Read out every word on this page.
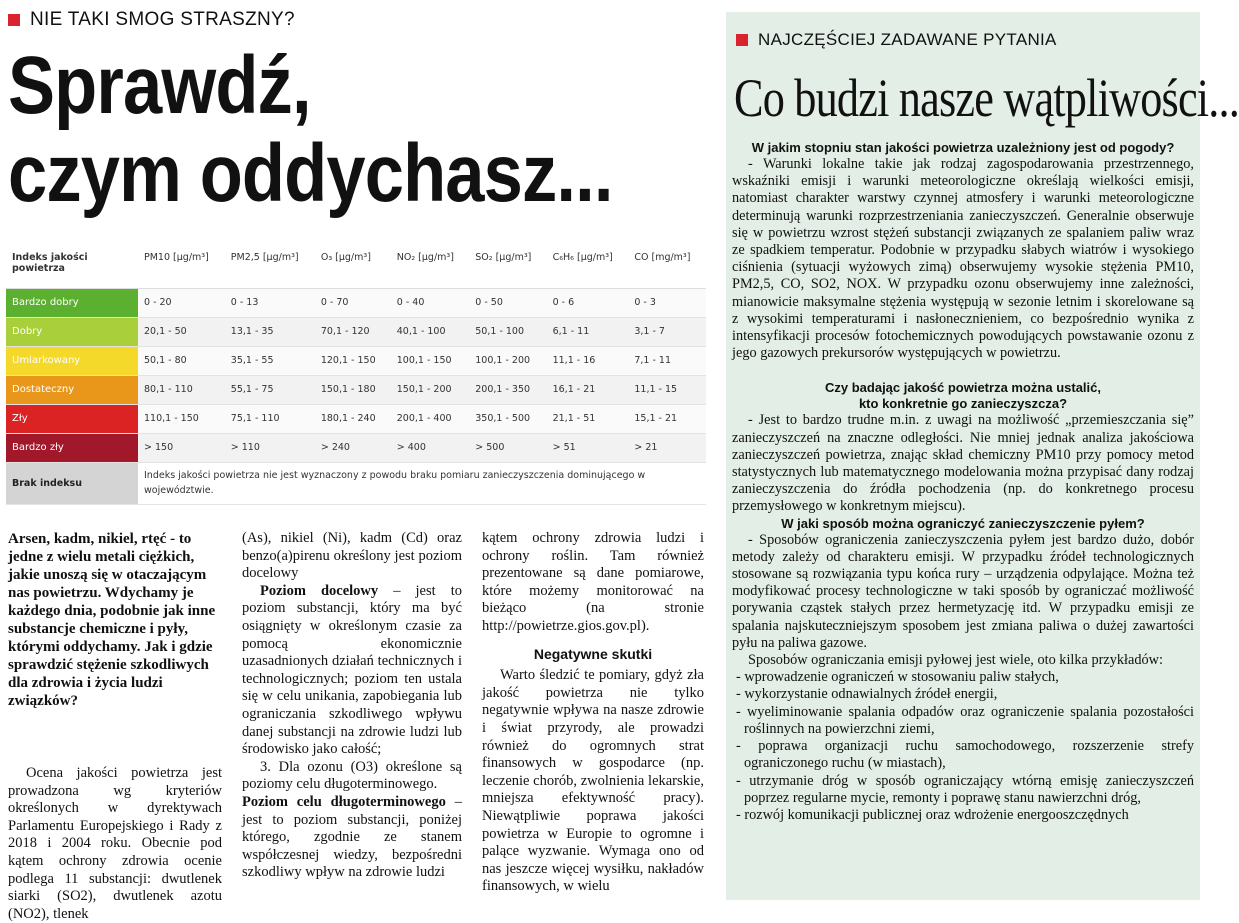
NIE TAKI SMOG STRASZNY?
Sprawdź,
czym oddychasz...
Indeks jakości powietrza	PM10 [µg/m³]	PM2,5 [µg/m³]	O₃ [µg/m³]	NO₂ [µg/m³]	SO₂ [µg/m³]	C₆H₆ [µg/m³]	CO [mg/m³]
Bardzo dobry	0 - 20	0 - 13	0 - 70	0 - 40	0 - 50	0 - 6	0 - 3
Dobry	20,1 - 50	13,1 - 35	70,1 - 120	40,1 - 100	50,1 - 100	6,1 - 11	3,1 - 7
Umiarkowany	50,1 - 80	35,1 - 55	120,1 - 150	100,1 - 150	100,1 - 200	11,1 - 16	7,1 - 11
Dostateczny	80,1 - 110	55,1 - 75	150,1 - 180	150,1 - 200	200,1 - 350	16,1 - 21	11,1 - 15
Zły	110,1 - 150	75,1 - 110	180,1 - 240	200,1 - 400	350,1 - 500	21,1 - 51	15,1 - 21
Bardzo zły	> 150	> 110	> 240	> 400	> 500	> 51	> 21
Brak indeksu	Indeks jakości powietrza nie jest wyznaczony z powodu braku pomiaru zanieczyszczenia dominującego w województwie.						
Arsen, kadm, nikiel, rtęć - to jedne z wielu metali ciężkich, jakie unoszą się w otaczającym nas powietrzu. Wdychamy je każdego dnia, podobnie jak inne substancje chemiczne i pyły, którymi oddychamy. Jak i gdzie sprawdzić stężenie szkodliwych dla zdrowia i życia ludzi związków?

Ocena jakości powietrza jest prowadzona wg kryteriów określonych w dyrektywach Parlamentu Europejskiego i Rady z 2018 i 2004 roku. Obecnie pod kątem ochrony zdrowia ocenie podlega 11 substancji: dwutlenek siarki (SO2), dwutlenek azotu (NO2), tlenek

(As), nikiel (Ni), kadm (Cd) oraz benzo(a)pirenu określony jest poziom docelowy

Poziom docelowy – jest to poziom substancji, który ma być osiągnięty w określonym czasie za pomocą ekonomicznie uzasadnionych działań technicznych i technologicznych; poziom ten ustala się w celu unikania, zapobiegania lub ograniczania szkodliwego wpływu danej substancji na zdrowie ludzi lub środowisko jako całość;

3. Dla ozonu (O3) określone są poziomy celu długoterminowego.

Poziom celu długoterminowego – jest to poziom substancji, poniżej którego, zgodnie ze stanem współczesnej wiedzy, bezpośredni szkodliwy wpływ na zdrowie ludzi

kątem ochrony zdrowia ludzi i ochrony roślin. Tam również prezentowane są dane pomiarowe, które możemy monitorować na bieżąco (na stronie http://powietrze.gios.gov.pl).

Negatywne skutki

Warto śledzić te pomiary, gdyż zła jakość powietrza nie tylko negatywnie wpływa na nasze zdrowie i świat przyrody, ale prowadzi również do ogromnych strat finansowych w gospodarce (np. leczenie chorób, zwolnienia lekarskie, mniejsza efektywność pracy). Niewątpliwie poprawa jakości powietrza w Europie to ogromne i palące wyzwanie. Wymaga ono od nas jeszcze więcej wysiłku, nakładów finansowych, w wielu

NAJCZĘŚCIEJ ZADAWANE PYTANIA
Co budzi nasze wątpliwości...
W jakim stopniu stan jakości powietrza uzależniony jest od pogody?

- Warunki lokalne takie jak rodzaj zagospodarowania przestrzennego, wskaźniki emisji i warunki meteorologiczne określają wielkości emisji, natomiast charakter warstwy czynnej atmosfery i warunki meteorologiczne determinują warunki rozprzestrzeniania zanieczyszczeń. Generalnie obserwuje się w powietrzu wzrost stężeń substancji związanych ze spalaniem paliw wraz ze spadkiem temperatur. Podobnie w przypadku słabych wiatrów i wysokiego ciśnienia (sytuacji wyżowych zimą) obserwujemy wysokie stężenia PM10, PM2,5, CO, SO2, NOX. W przypadku ozonu obserwujemy inne zależności, mianowicie maksymalne stężenia występują w sezonie letnim i skorelowane są z wysokimi temperaturami i nasłonecznieniem, co bezpośrednio wynika z intensyfikacji procesów fotochemicznych powodujących powstawanie ozonu z jego gazowych prekursorów występujących w powietrzu.

Czy badając jakość powietrza można ustalić,
kto konkretnie go zanieczyszcza?

- Jest to bardzo trudne m.in. z uwagi na możliwość „przemieszczania się” zanieczyszczeń na znaczne odległości. Nie mniej jednak analiza jakościowa zanieczyszczeń powietrza, znając skład chemiczny PM10 przy pomocy metod statystycznych lub matematycznego modelowania można przypisać dany rodzaj zanieczyszczenia do źródła pochodzenia (np. do konkretnego procesu przemysłowego w konkretnym miejscu).

W jaki sposób można ograniczyć zanieczyszczenie pyłem?

- Sposobów ograniczenia zanieczyszczenia pyłem jest bardzo dużo, dobór metody zależy od charakteru emisji. W przypadku źródeł technologicznych stosowane są rozwiązania typu końca rury – urządzenia odpylające. Można też modyfikować procesy technologiczne w taki sposób by ograniczać możliwość porywania cząstek stałych przez hermetyzację itd. W przypadku emisji ze spalania najskuteczniejszym sposobem jest zmiana paliwa o dużej zawartości pyłu na paliwa gazowe.

Sposobów ograniczania emisji pyłowej jest wiele, oto kilka przykładów:

- wprowadzenie ograniczeń w stosowaniu paliw stałych,
- wykorzystanie odnawialnych źródeł energii,
- wyeliminowanie spalania odpadów oraz ograniczenie spalania pozostałości roślinnych na powierzchni ziemi,
- poprawa organizacji ruchu samochodowego, rozszerzenie strefy ograniczonego ruchu (w miastach),
- utrzymanie dróg w sposób ograniczający wtórną emisję zanieczyszczeń poprzez regularne mycie, remonty i poprawę stanu nawierzchni dróg,
- rozwój komunikacji publicznej oraz wdrożenie energooszczędnych
